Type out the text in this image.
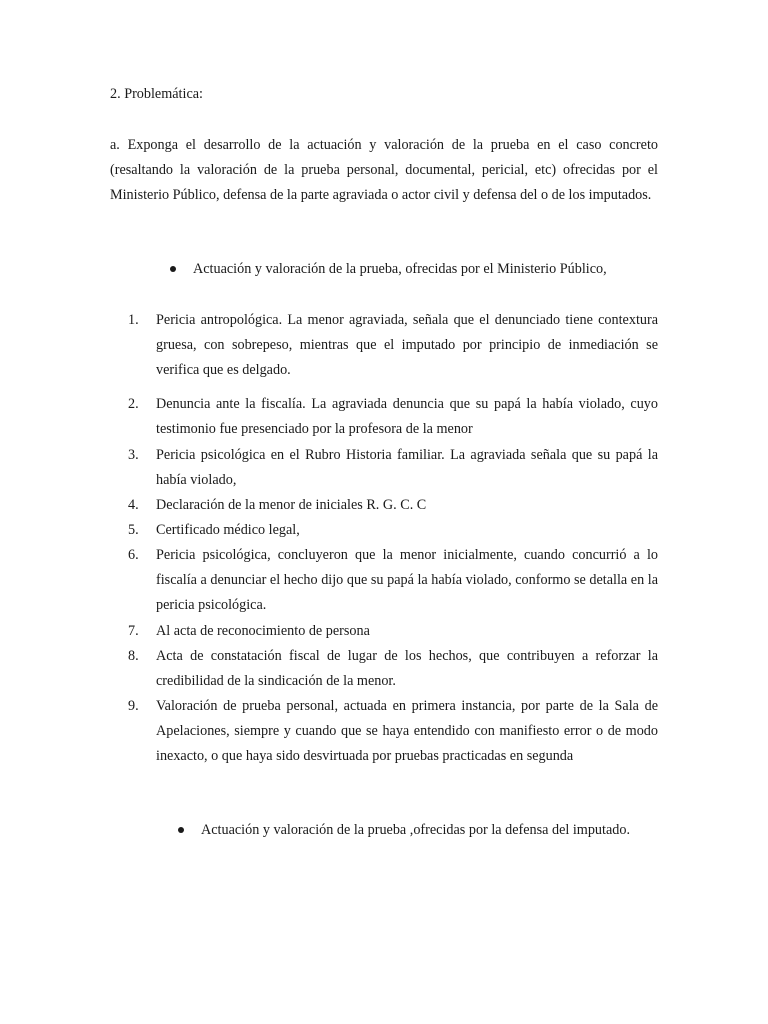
2. Problemática:

a. Exponga el desarrollo de la actuación y valoración de la prueba en el caso concreto (resaltando la valoración de la prueba personal, documental, pericial, etc) ofrecidas por el Ministerio Público, defensa de la parte agraviada o actor civil y defensa del o de los imputados.

Actuación y valoración de la prueba, ofrecidas por el Ministerio Público,
1.	Pericia antropológica. La menor agraviada, señala que el denunciado tiene contextura gruesa, con sobrepeso, mientras que el imputado por principio de inmediación se verifica que es delgado.
2.	Denuncia ante la fiscalía. La agraviada denuncia que su papá la había violado, cuyo testimonio fue presenciado por la profesora de la menor
3.	Pericia psicológica en el Rubro Historia familiar. La agraviada señala que su papá la había violado,
4.	Declaración de la menor de iniciales R. G. C. C
5.	Certificado médico legal,
6.	Pericia psicológica, concluyeron que la menor inicialmente, cuando concurrió a lo fiscalía a denunciar el hecho dijo que su papá la había violado, conformo se detalla en la pericia psicológica.
7.	Al acta de reconocimiento de persona
8.	Acta de constatación fiscal de lugar de los hechos, que contribuyen a reforzar la credibilidad de la sindicación de la menor.
9.	Valoración de prueba personal, actuada en primera instancia, por parte de la Sala de Apelaciones, siempre y cuando que se haya entendido con manifiesto error o de modo inexacto, o que haya sido desvirtuada por pruebas practicadas en segunda
Actuación y valoración de la prueba ,ofrecidas por la defensa del imputado.
